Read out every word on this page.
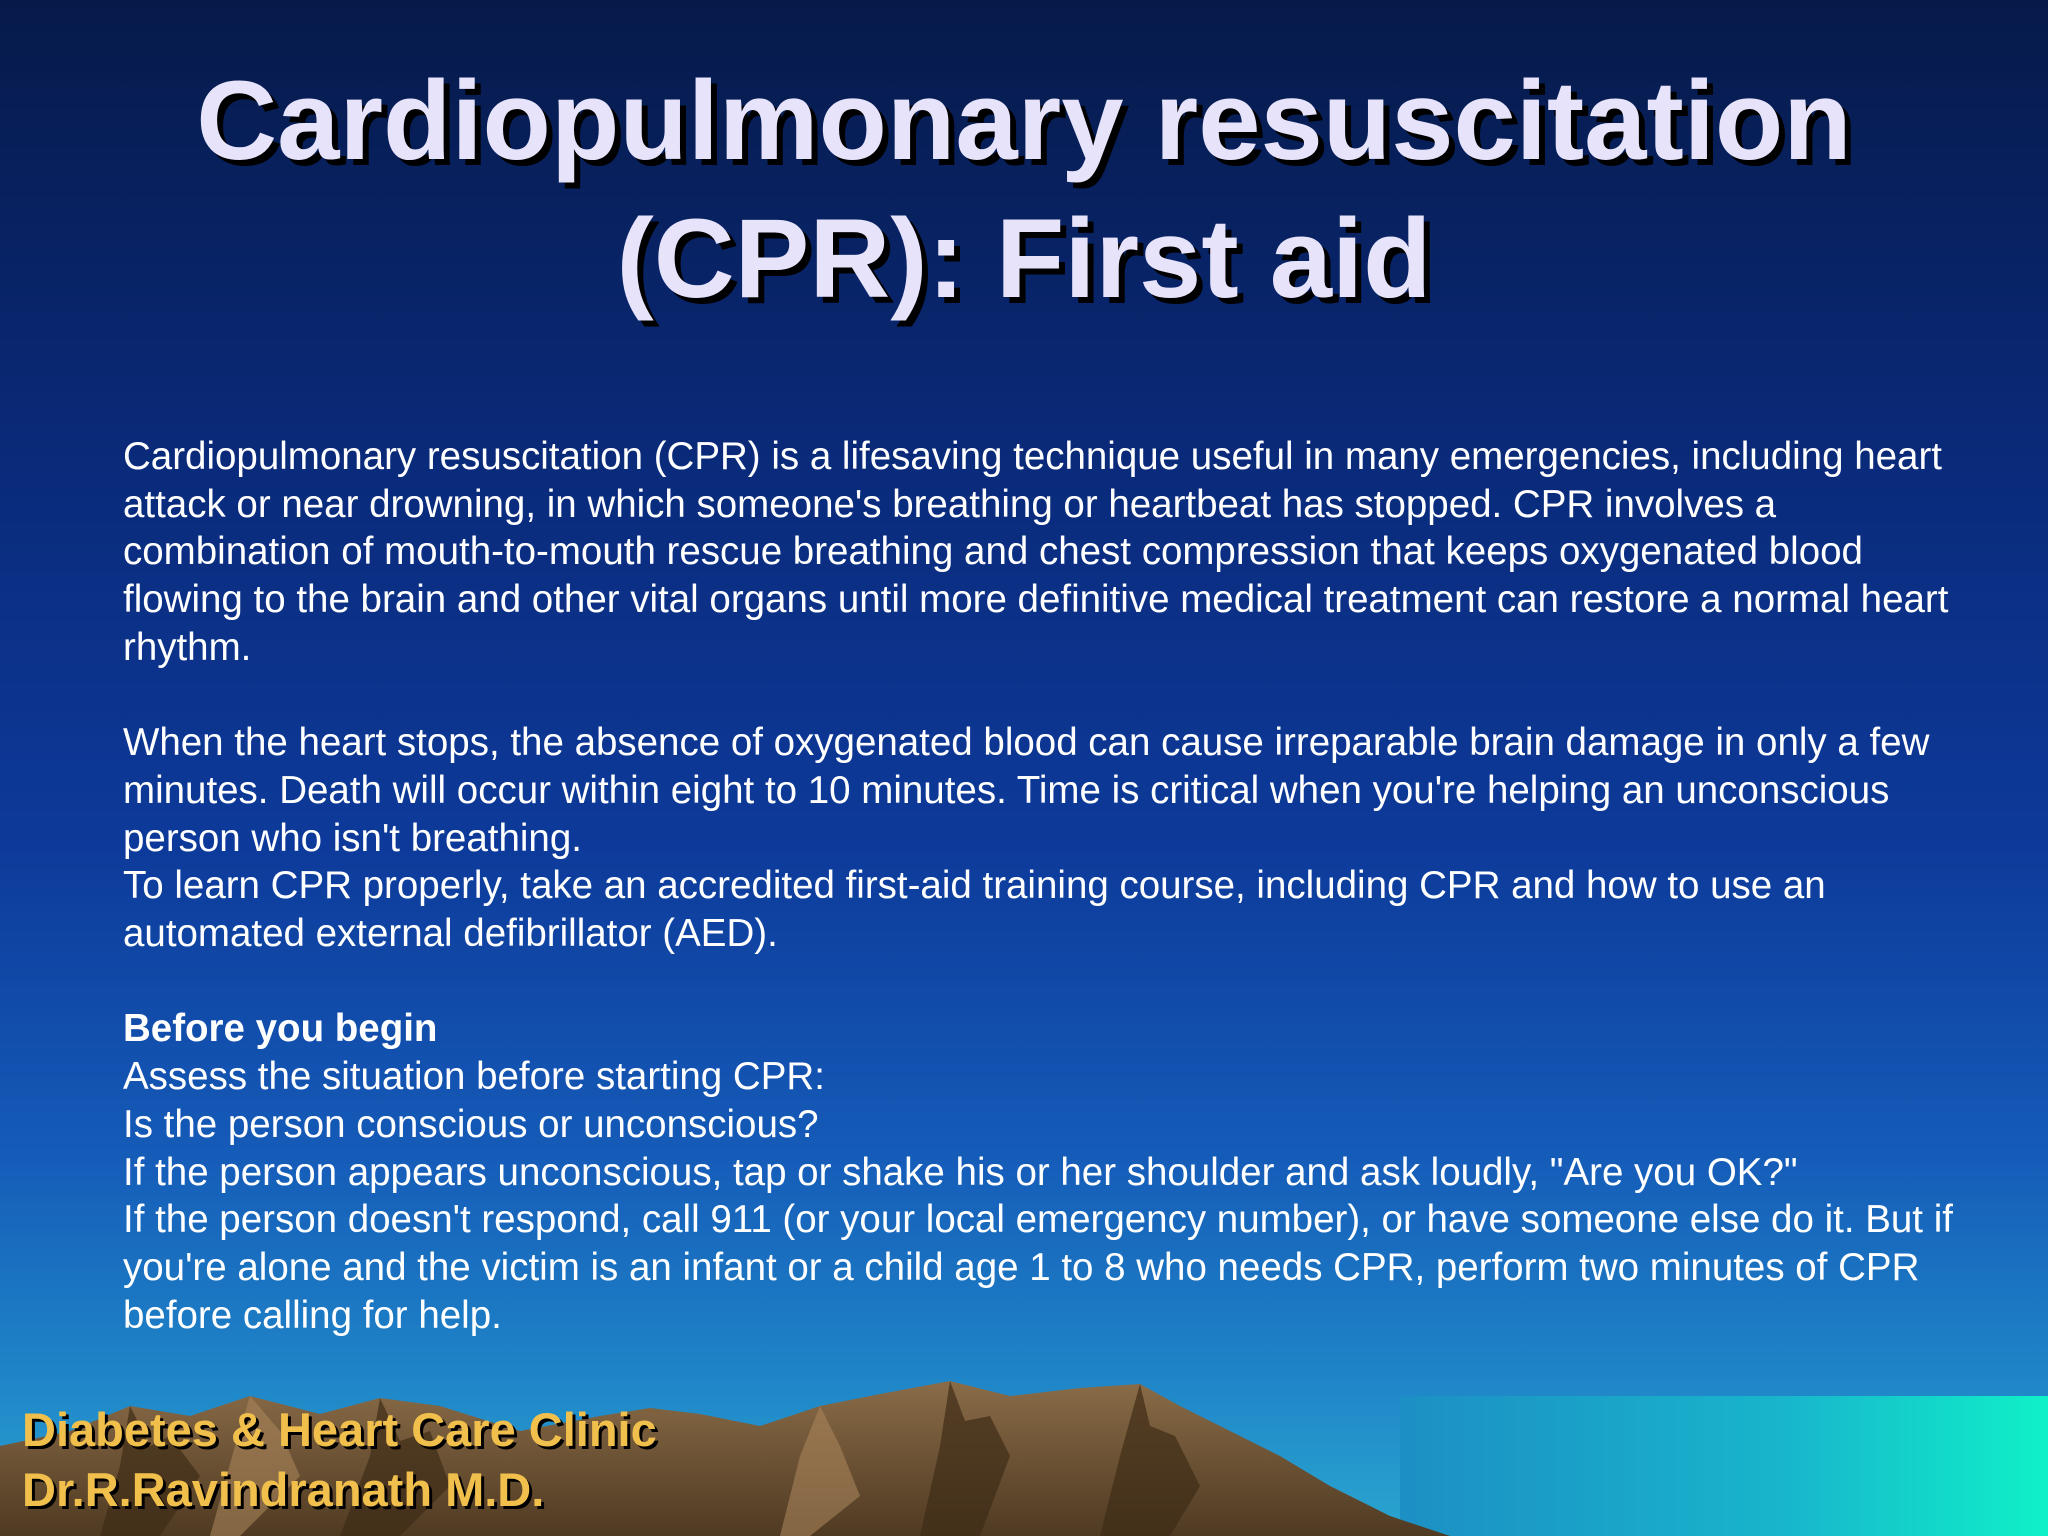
Cardiopulmonary resuscitation
(CPR): First aid

Cardiopulmonary resuscitation (CPR) is a lifesaving technique useful in many emergencies, including heart attack or near drowning, in which someone's breathing or heartbeat has stopped. CPR involves a combination of mouth-to-mouth rescue breathing and chest compression that keeps oxygenated blood flowing to the brain and other vital organs until more definitive medical treatment can restore a normal heart rhythm.

When the heart stops, the absence of oxygenated blood can cause irreparable brain damage in only a few minutes. Death will occur within eight to 10 minutes. Time is critical when you're helping an unconscious person who isn't breathing.

To learn CPR properly, take an accredited first-aid training course, including CPR and how to use an automated external defibrillator (AED).

Before you begin

Assess the situation before starting CPR:

Is the person conscious or unconscious?

If the person appears unconscious, tap or shake his or her shoulder and ask loudly, "Are you OK?"

If the person doesn't respond, call 911 (or your local emergency number), or have someone else do it. But if you're alone and the victim is an infant or a child age 1 to 8 who needs CPR, perform two minutes of CPR before calling for help.

Diabetes & Heart Care Clinic
Dr.R.Ravindranath M.D.
